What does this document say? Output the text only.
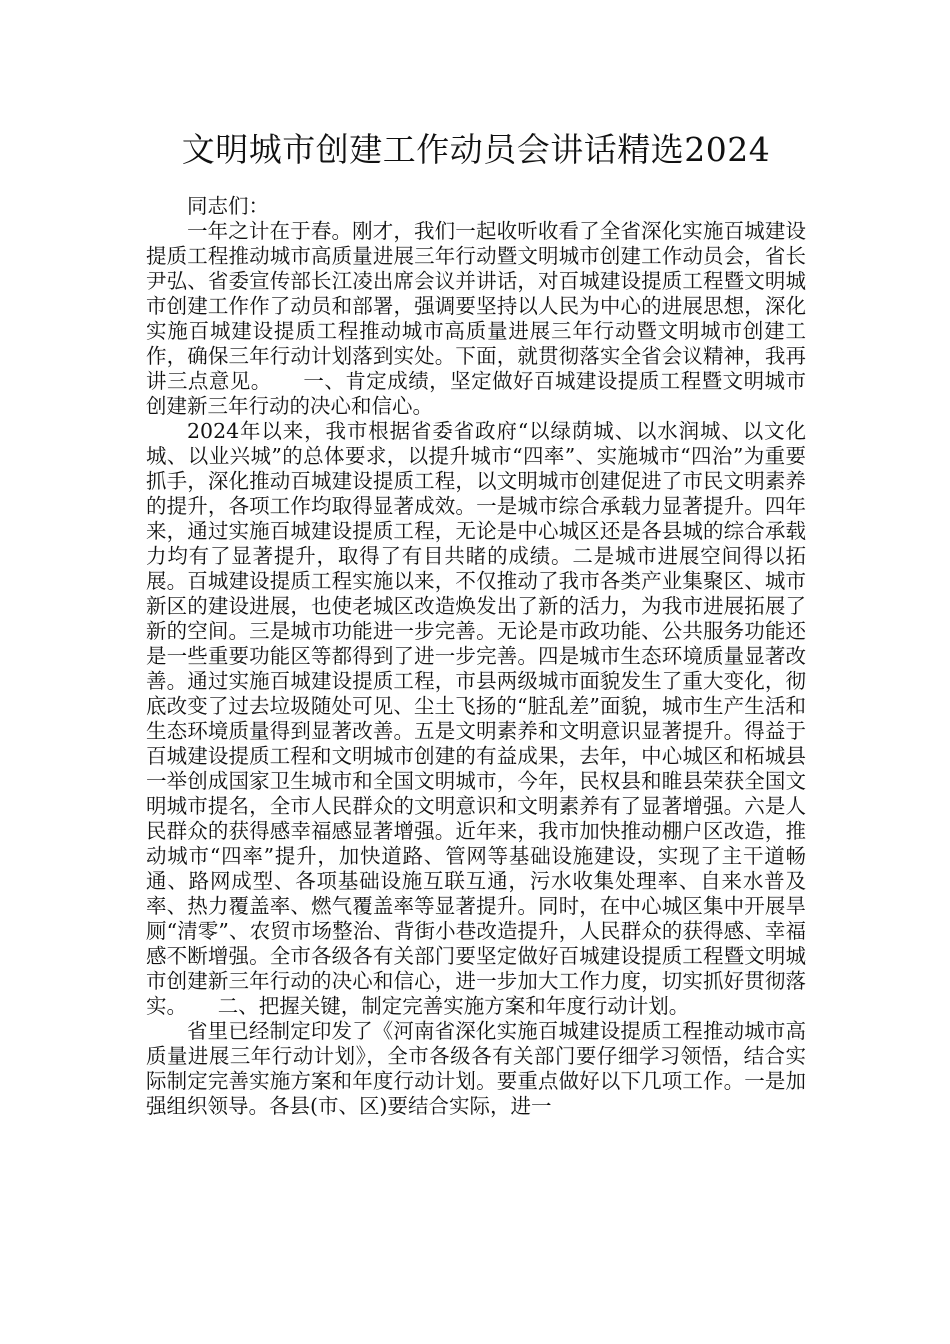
文明城市创建工作动员会讲话精选2024

同志们：

一年之计在于春。刚才，我们一起收听收看了全省深化实施百城建设提质工程推动城市高质量进展三年行动暨文明城市创建工作动员会，省长尹弘、省委宣传部长江凌出席会议并讲话，对百城建设提质工程暨文明城市创建工作作了动员和部署，强调要坚持以人民为中心的进展思想，深化实施百城建设提质工程推动城市高质量进展三年行动暨文明城市创建工作，确保三年行动计划落到实处。下面，就贯彻落实全省会议精神，我再讲三点意见。　　一、肯定成绩，坚定做好百城建设提质工程暨文明城市创建新三年行动的决心和信心。

2024年以来，我市根据省委省政府“以绿荫城、以水润城、以文化城、以业兴城”的总体要求，以提升城市“四率”、实施城市“四治”为重要抓手，深化推动百城建设提质工程，以文明城市创建促进了市民文明素养的提升，各项工作均取得显著成效。一是城市综合承载力显著提升。四年来，通过实施百城建设提质工程，无论是中心城区还是各县城的综合承载力均有了显著提升，取得了有目共睹的成绩。二是城市进展空间得以拓展。百城建设提质工程实施以来，不仅推动了我市各类产业集聚区、城市新区的建设进展，也使老城区改造焕发出了新的活力，为我市进展拓展了新的空间。三是城市功能进一步完善。无论是市政功能、公共服务功能还是一些重要功能区等都得到了进一步完善。四是城市生态环境质量显著改善。通过实施百城建设提质工程，市县两级城市面貌发生了重大变化，彻底改变了过去垃圾随处可见、尘土飞扬的“脏乱差”面貌，城市生产生活和生态环境质量得到显著改善。五是文明素养和文明意识显著提升。得益于百城建设提质工程和文明城市创建的有益成果，去年，中心城区和柘城县一举创成国家卫生城市和全国文明城市，今年，民权县和睢县荣获全国文明城市提名，全市人民群众的文明意识和文明素养有了显著增强。六是人民群众的获得感幸福感显著增强。近年来，我市加快推动棚户区改造，推动城市“四率”提升，加快道路、管网等基础设施建设，实现了主干道畅通、路网成型、各项基础设施互联互通，污水收集处理率、自来水普及率、热力覆盖率、燃气覆盖率等显著提升。同时，在中心城区集中开展旱厕“清零”、农贸市场整治、背街小巷改造提升，人民群众的获得感、幸福感不断增强。全市各级各有关部门要坚定做好百城建设提质工程暨文明城市创建新三年行动的决心和信心，进一步加大工作力度，切实抓好贯彻落实。　　二、把握关键，制定完善实施方案和年度行动计划。

省里已经制定印发了《河南省深化实施百城建设提质工程推动城市高质量进展三年行动计划》，全市各级各有关部门要仔细学习领悟，结合实际制定完善实施方案和年度行动计划。要重点做好以下几项工作。一是加强组织领导。各县(市、区)要结合实际，进一
